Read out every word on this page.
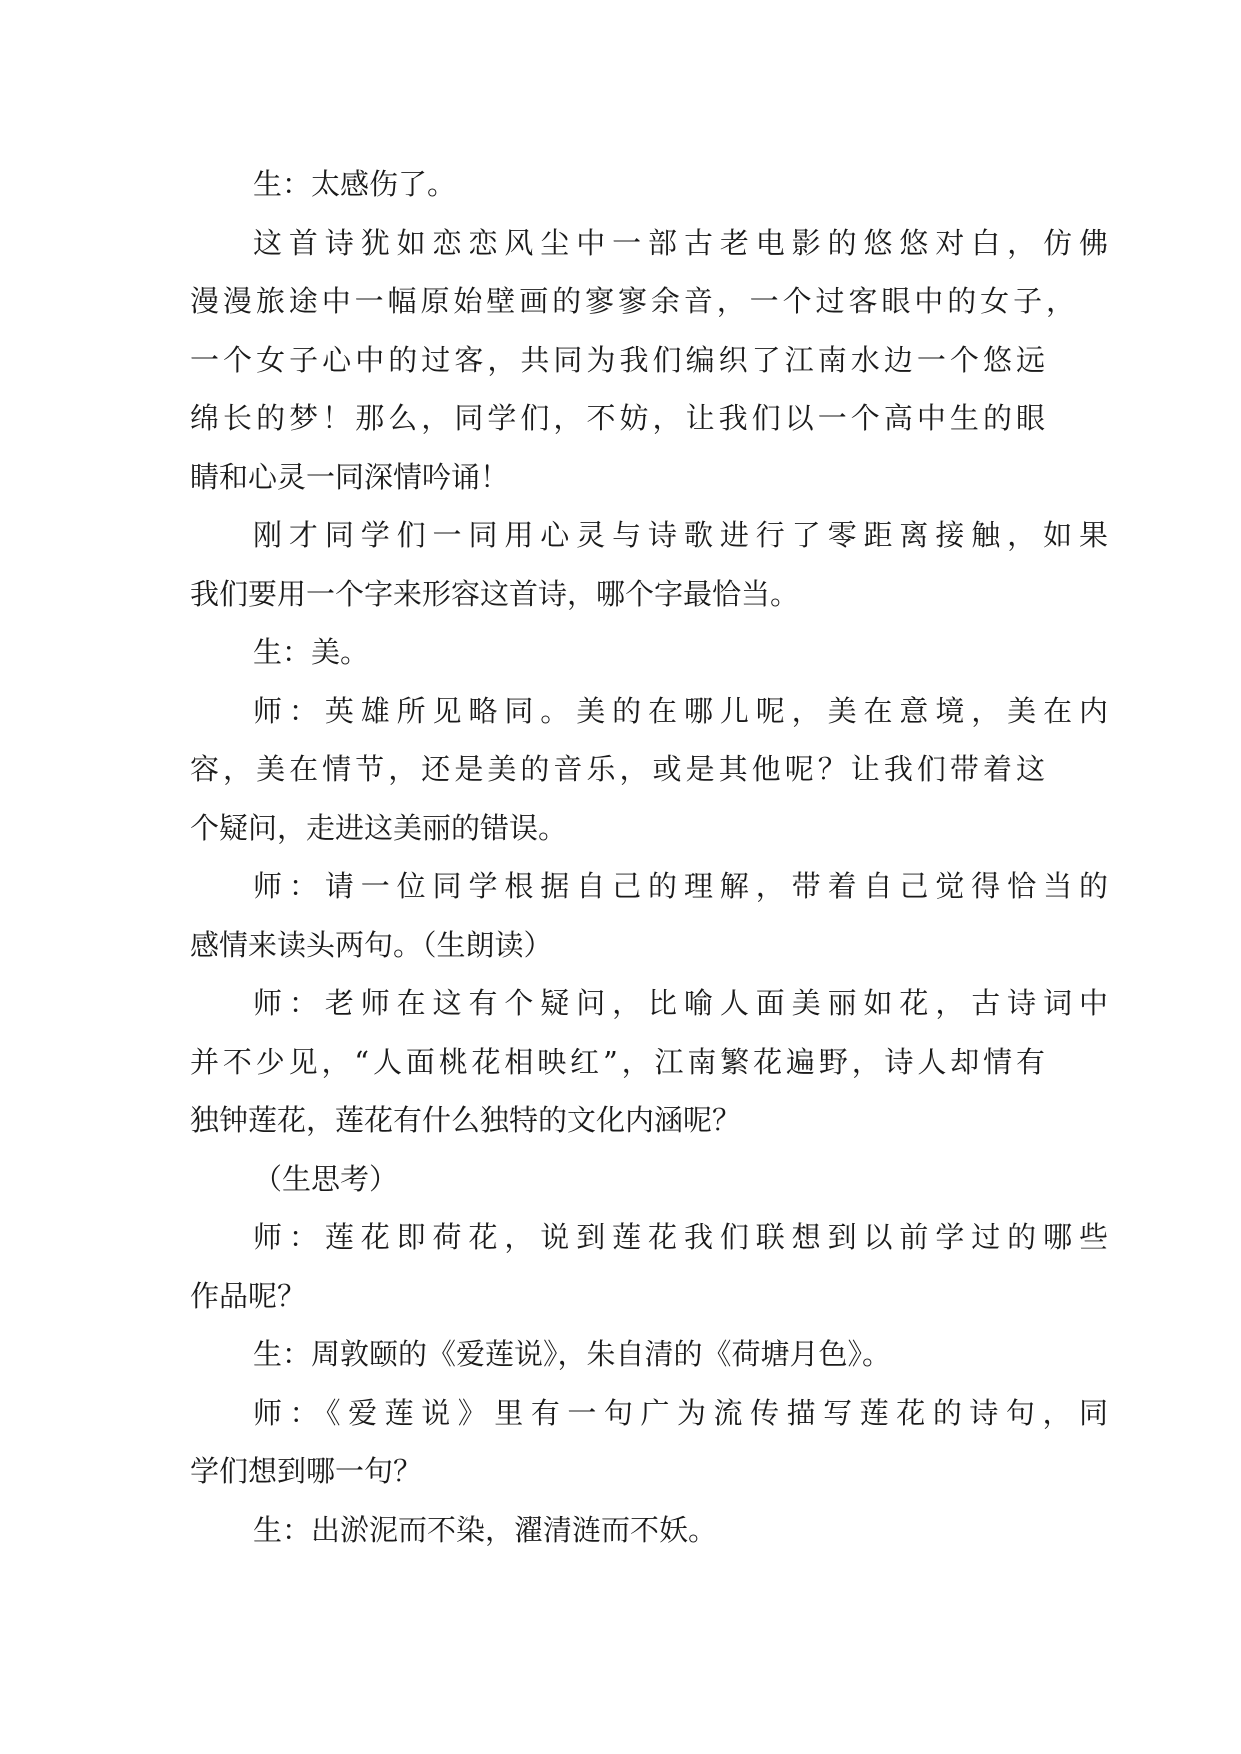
生：太感伤了。
这首诗犹如恋恋风尘中一部古老电影的悠悠对白，仿佛
漫漫旅途中一幅原始壁画的寥寥余音，一个过客眼中的女子，
一个女子心中的过客，共同为我们编织了江南水边一个悠远
绵长的梦！那么，同学们，不妨，让我们以一个高中生的眼
睛和心灵一同深情吟诵！
刚才同学们一同用心灵与诗歌进行了零距离接触，如果
我们要用一个字来形容这首诗，哪个字最恰当。
生：美。
师：英雄所见略同。美的在哪儿呢，美在意境，美在内
容，美在情节，还是美的音乐，或是其他呢？让我们带着这
个疑问，走进这美丽的错误。
师：请一位同学根据自己的理解，带着自己觉得恰当的
感情来读头两句。（生朗读）
师：老师在这有个疑问，比喻人面美丽如花，古诗词中
并不少见，“人面桃花相映红”，江南繁花遍野，诗人却情有
独钟莲花，莲花有什么独特的文化内涵呢？
（生思考）
师：莲花即荷花，说到莲花我们联想到以前学过的哪些
作品呢？
生：周敦颐的《爱莲说》，朱自清的《荷塘月色》。
师：《爱莲说》里有一句广为流传描写莲花的诗句，同
学们想到哪一句？
生：出淤泥而不染，濯清涟而不妖。
